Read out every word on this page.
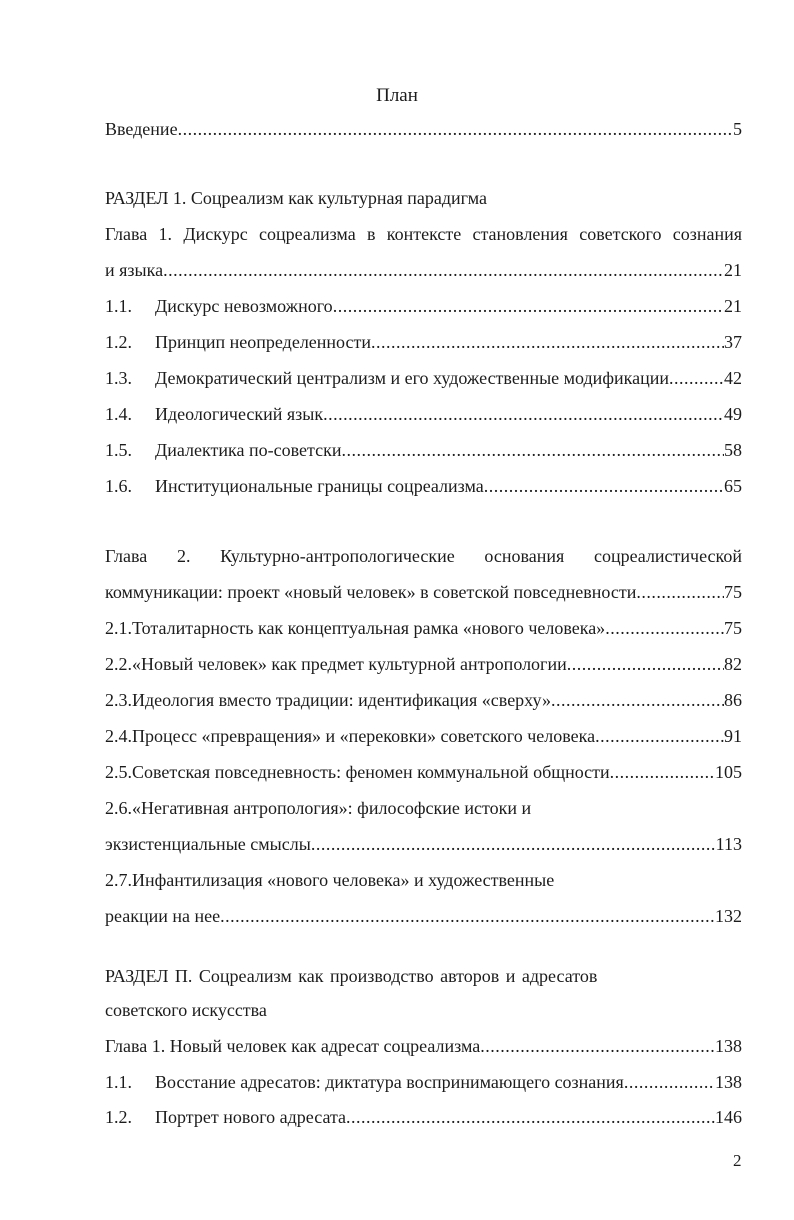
План
Введение .....	5
РАЗДЕЛ 1. Соцреализм как культурная парадигма
Глава 1. Дискурс соцреализма в контексте становления советского сознания
и языка .....	21
1.1.	Дискурс невозможного .....	21
1.2.	Принцип неопределенности .....	37
1.3.	Демократический централизм и его художественные модификации .....	42
1.4.	Идеологический язык .....	49
1.5.	Диалектика по-советски .....	58
1.6.	Институциональные границы соцреализма .....	65
Глава 2. Культурно-антропологические основания соцреалистической
коммуникации: проект «новый человек» в советской повседневности .....	75
2.1.Тоталитарность как концептуальная рамка «нового человека» .....	75
2.2.«Новый человек» как предмет культурной антропологии .....	82
2.3.Идеология вместо традиции: идентификация «сверху» .....	86
2.4.Процесс «превращения» и «перековки» советского человека .....	91
2.5.Советская повседневность: феномен коммунальной общности .....	105
2.6.«Негативная антропология»: философские истоки и
экзистенциальные смыслы .....	113
2.7.Инфантилизация «нового человека» и художественные
реакции на нее .....	132
РАЗДЕЛ П. Соцреализм как производство авторов и адресатов
советского искусства
Глава 1. Новый человек как адресат соцреализма .....	138
1.1.	Восстание адресатов: диктатура воспринимающего сознания .....	138
1.2.	Портрет нового адресата .....	146
2
